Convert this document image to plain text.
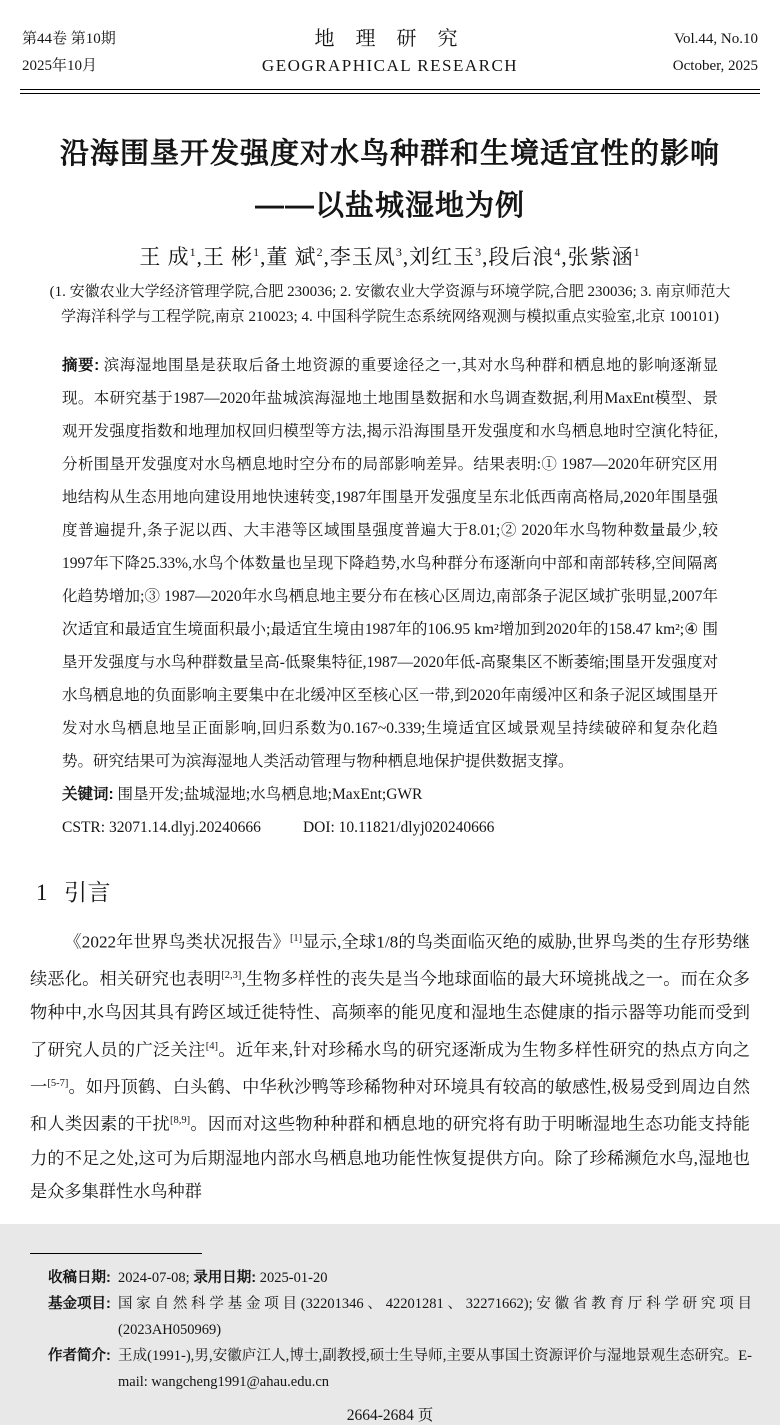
第44卷 第10期
2025年10月
地 理 研 究
GEOGRAPHICAL RESEARCH
Vol.44, No.10
October, 2025
沿海围垦开发强度对水鸟种群和生境适宜性的影响
——以盐城湿地为例
王 成$^1$,王 彬$^1$,董 斌$^2$,李玉凤$^3$,刘红玉$^3$,段后浪$^4$,张紫涵$^1$
(1. 安徽农业大学经济管理学院,合肥 230036; 2. 安徽农业大学资源与环境学院,合肥 230036; 3. 南京师范大学海洋科学与工程学院,南京 210023; 4. 中国科学院生态系统网络观测与模拟重点实验室,北京 100101)
摘要: 滨海湿地围垦是获取后备土地资源的重要途径之一,其对水鸟种群和栖息地的影响逐渐显现。本研究基于1987—2020年盐城滨海湿地土地围垦数据和水鸟调查数据,利用MaxEnt模型、景观开发强度指数和地理加权回归模型等方法,揭示沿海围垦开发强度和水鸟栖息地时空演化特征,分析围垦开发强度对水鸟栖息地时空分布的局部影响差异。结果表明:① 1987—2020年研究区用地结构从生态用地向建设用地快速转变,1987年围垦开发强度呈东北低西南高格局,2020年围垦强度普遍提升,条子泥以西、大丰港等区域围垦强度普遍大于8.01;② 2020年水鸟物种数量最少,较1997年下降25.33%,水鸟个体数量也呈现下降趋势,水鸟种群分布逐渐向中部和南部转移,空间隔离化趋势增加;③ 1987—2020年水鸟栖息地主要分布在核心区周边,南部条子泥区域扩张明显,2007年次适宜和最适宜生境面积最小;最适宜生境由1987年的106.95 km²增加到2020年的158.47 km²;④ 围垦开发强度与水鸟种群数量呈高-低聚集特征,1987—2020年低-高聚集区不断萎缩;围垦开发强度对水鸟栖息地的负面影响主要集中在北缓冲区至核心区一带,到2020年南缓冲区和条子泥区域围垦开发对水鸟栖息地呈正面影响,回归系数为0.167~0.339;生境适宜区域景观呈持续破碎和复杂化趋势。研究结果可为滨海湿地人类活动管理与物种栖息地保护提供数据支撑。
关键词: 围垦开发;盐城湿地;水鸟栖息地;MaxEnt;GWR
CSTR: 32071.14.dlyj.20240666	DOI: 10.11821/dlyj020240666
1 引言
《2022年世界鸟类状况报告》[1]显示,全球1/8的鸟类面临灭绝的威胁,世界鸟类的生存形势继续恶化。相关研究也表明[2,3],生物多样性的丧失是当今地球面临的最大环境挑战之一。而在众多物种中,水鸟因其具有跨区域迁徙特性、高频率的能见度和湿地生态健康的指示器等功能而受到了研究人员的广泛关注[4]。近年来,针对珍稀水鸟的研究逐渐成为生物多样性研究的热点方向之一[5-7]。如丹顶鹤、白头鹤、中华秋沙鸭等珍稀物种对环境具有较高的敏感性,极易受到周边自然和人类因素的干扰[8,9]。因而对这些物种种群和栖息地的研究将有助于明晰湿地生态功能支持能力的不足之处,这可为后期湿地内部水鸟栖息地功能性恢复提供方向。除了珍稀濒危水鸟,湿地也是众多集群性水鸟种群
收稿日期: 2024-07-08; 录用日期: 2025-01-20
基金项目: 国家自然科学基金项目(32201346、42201281、32271662);安徽省教育厅科学研究项目(2023AH050969)
作者简介: 王成(1991-),男,安徽庐江人,博士,副教授,硕士生导师,主要从事国土资源评价与湿地景观生态研究。E-mail: wangcheng1991@ahau.edu.cn
2664-2684 页
